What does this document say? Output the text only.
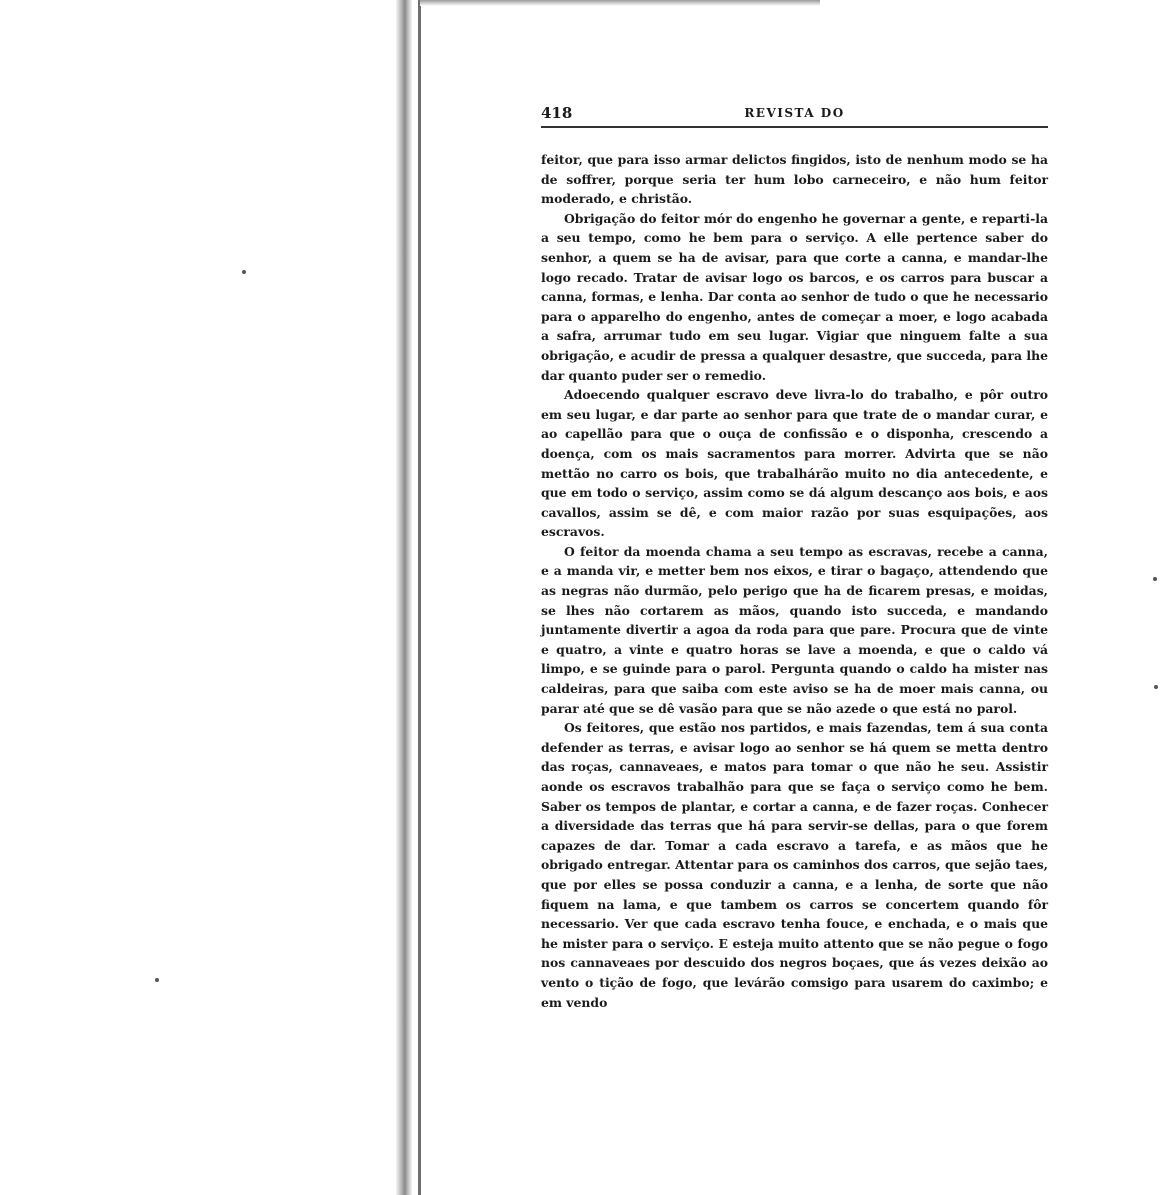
418	REVISTA DO

feitor, que para isso armar delictos fingidos, isto de nenhum modo se ha de soffrer, porque seria ter hum lobo carneceiro, e não hum feitor moderado, e christão.

Obrigação do feitor mór do engenho he governar a gente, e reparti-la a seu tempo, como he bem para o serviço. A elle pertence saber do senhor, a quem se ha de avisar, para que corte a canna, e mandar-lhe logo recado. Tratar de avisar logo os barcos, e os carros para buscar a canna, formas, e lenha. Dar conta ao senhor de tudo o que he necessario para o apparelho do engenho, antes de começar a moer, e logo acabada a safra, arrumar tudo em seu lugar. Vigiar que ninguem falte a sua obrigação, e acudir de pressa a qualquer desastre, que succeda, para lhe dar quanto puder ser o remedio.

Adoecendo qualquer escravo deve livra-lo do trabalho, e pôr outro em seu lugar, e dar parte ao senhor para que trate de o mandar curar, e ao capellão para que o ouça de confissão e o disponha, crescendo a doença, com os mais sacramentos para morrer. Advirta que se não mettão no carro os bois, que trabalhárão muito no dia antecedente, e que em todo o serviço, assim como se dá algum descanço aos bois, e aos cavallos, assim se dê, e com maior razão por suas esquipações, aos escravos.

O feitor da moenda chama a seu tempo as escravas, recebe a canna, e a manda vir, e metter bem nos eixos, e tirar o bagaço, attendendo que as negras não durmão, pelo perigo que ha de ficarem presas, e moidas, se lhes não cortarem as mãos, quando isto succeda, e mandando juntamente divertir a agoa da roda para que pare. Procura que de vinte e quatro, a vinte e quatro horas se lave a moenda, e que o caldo vá limpo, e se guinde para o parol. Pergunta quando o caldo ha mister nas caldeiras, para que saiba com este aviso se ha de moer mais canna, ou parar até que se dê vasão para que se não azede o que está no parol.

Os feitores, que estão nos partidos, e mais fazendas, tem á sua conta defender as terras, e avisar logo ao senhor se há quem se metta dentro das roças, cannaveaes, e matos para tomar o que não he seu. Assistir aonde os escravos trabalhão para que se faça o serviço como he bem. Saber os tempos de plantar, e cortar a canna, e de fazer roças. Conhecer a diversidade das terras que há para servir-se dellas, para o que forem capazes de dar. Tomar a cada escravo a tarefa, e as mãos que he obrigado entregar. Attentar para os caminhos dos carros, que sejão taes, que por elles se possa conduzir a canna, e a lenha, de sorte que não fiquem na lama, e que tambem os carros se concertem quando fôr necessario. Ver que cada escravo tenha fouce, e enchada, e o mais que he mister para o serviço. E esteja muito attento que se não pegue o fogo nos cannaveaes por descuido dos negros boçaes, que ás vezes deixão ao vento o tição de fogo, que levárão comsigo para usarem do caximbo; e em vendo
